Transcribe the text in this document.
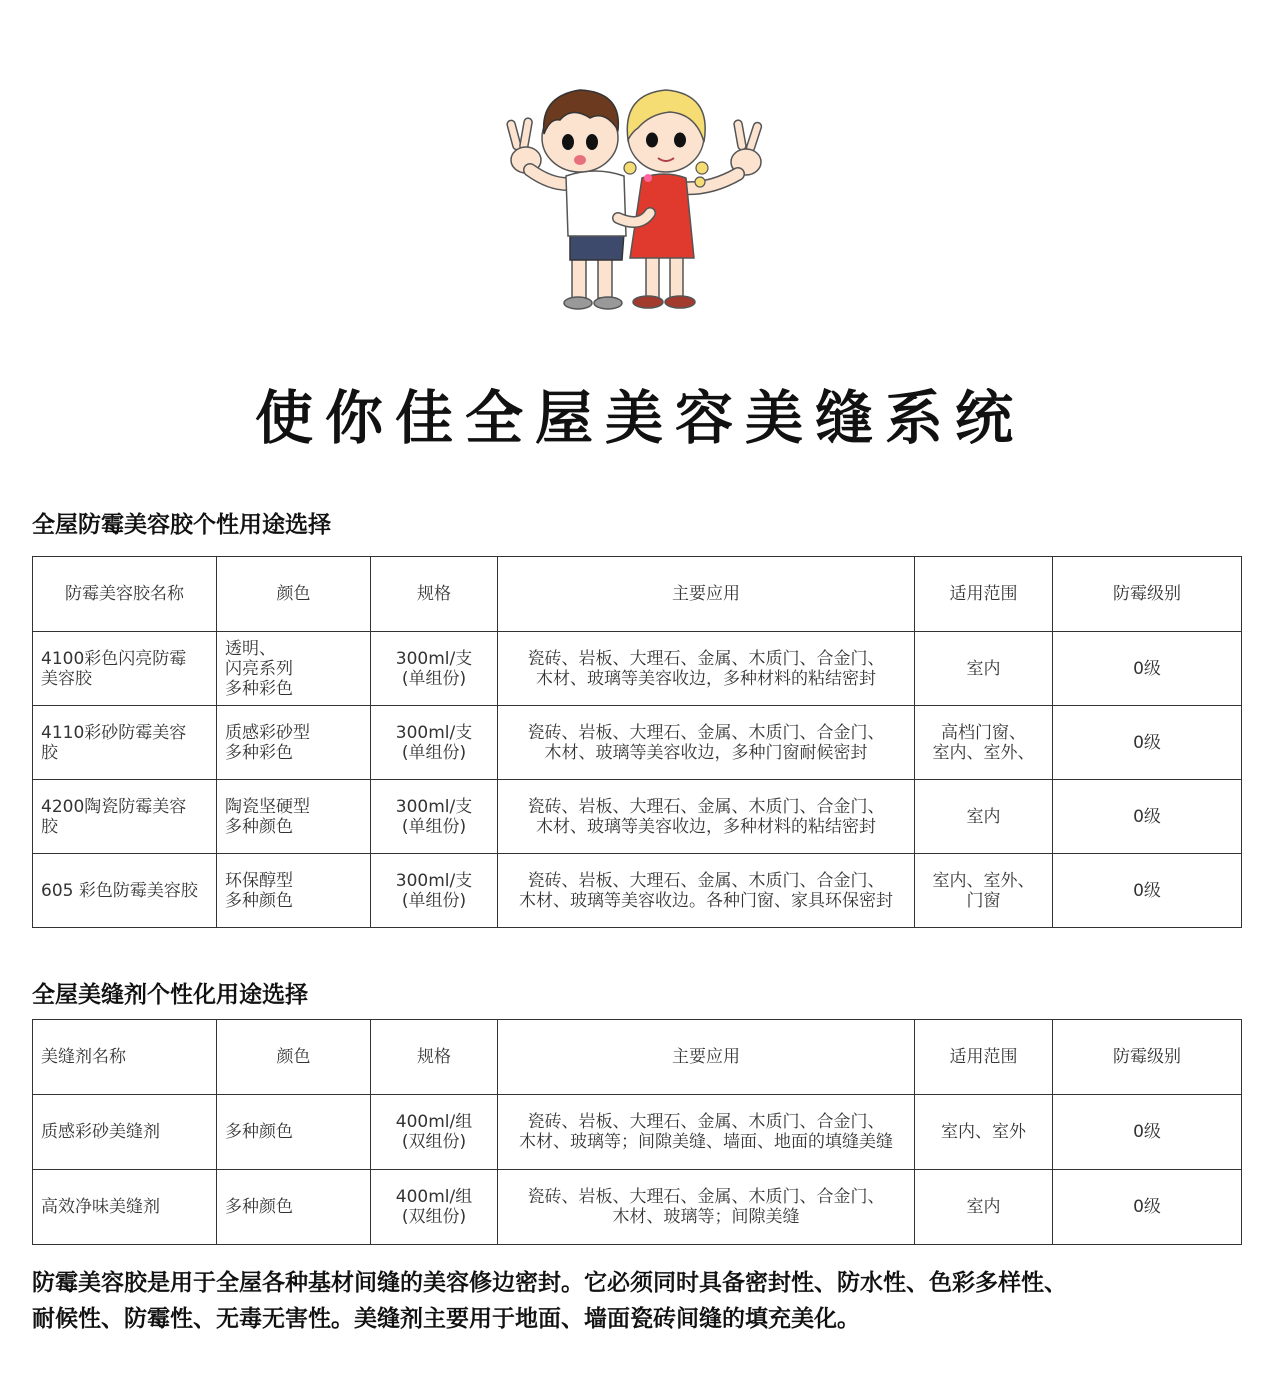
使你佳全屋美容美缝系统
全屋防霉美容胶个性用途选择
防霉美容胶名称	颜色	规格	主要应用	适用范围	防霉级别

4100彩色闪亮防霉
美容胶	透明、
闪亮系列
多种彩色	300ml/支
(单组份)	瓷砖、岩板、大理石、金属、木质门、合金门、
木材、玻璃等美容收边，多种材料的粘结密封	室内	0级

4110彩砂防霉美容
胶	质感彩砂型
多种彩色	300ml/支
(单组份)	瓷砖、岩板、大理石、金属、木质门、合金门、
木材、玻璃等美容收边，多种门窗耐候密封	高档门窗、
室内、室外、	0级

4200陶瓷防霉美容
胶	陶瓷坚硬型
多种颜色	300ml/支
(单组份)	瓷砖、岩板、大理石、金属、木质门、合金门、
木材、玻璃等美容收边，多种材料的粘结密封	室内	0级

605 彩色防霉美容胶	环保醇型
多种颜色	300ml/支
(单组份)	瓷砖、岩板、大理石、金属、木质门、合金门、
木材、玻璃等美容收边。各种门窗、家具环保密封	室内、室外、
门窗	0级
全屋美缝剂个性化用途选择
美缝剂名称	颜色	规格	主要应用	适用范围	防霉级别

质感彩砂美缝剂	多种颜色	400ml/组
(双组份)	瓷砖、岩板、大理石、金属、木质门、合金门、
木材、玻璃等；间隙美缝、墙面、地面的填缝美缝	室内、室外	0级

高效净味美缝剂	多种颜色	400ml/组
(双组份)	瓷砖、岩板、大理石、金属、木质门、合金门、
木材、玻璃等；间隙美缝	室内	0级
防霉美容胶是用于全屋各种基材间缝的美容修边密封。它必须同时具备密封性、防水性、色彩多样性、
耐候性、防霉性、无毒无害性。美缝剂主要用于地面、墙面瓷砖间缝的填充美化。
